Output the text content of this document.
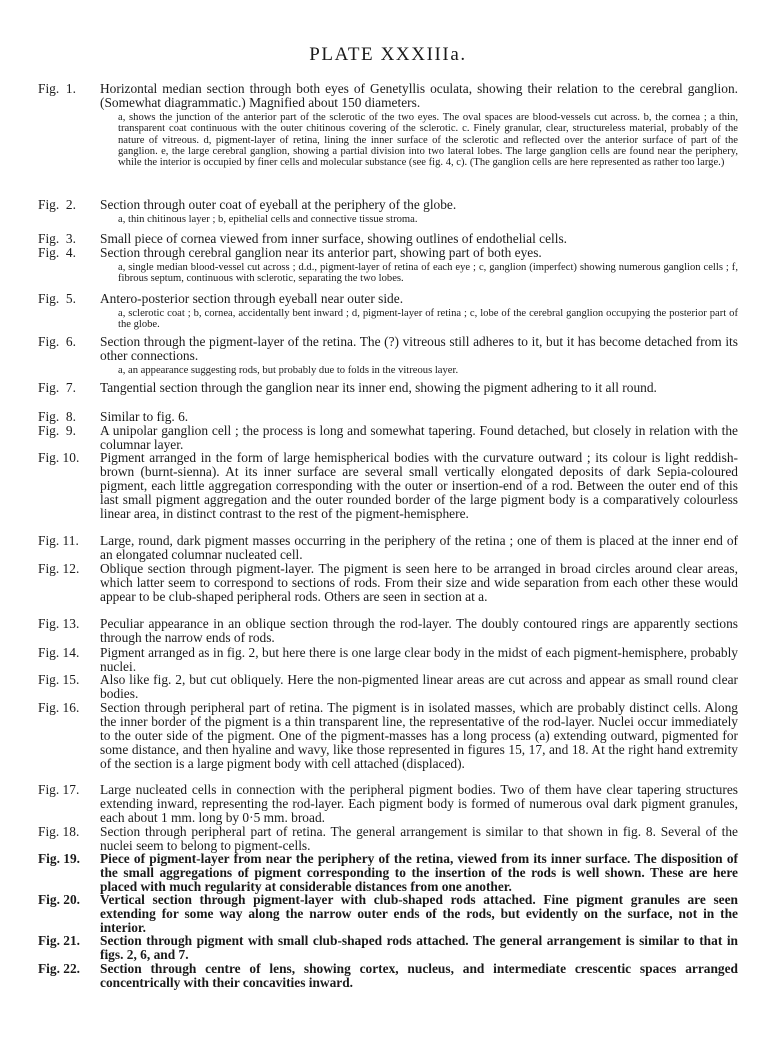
PLATE XXXIIIa.
Fig.  1.	Horizontal median section through both eyes of Genetyllis oculata, showing their relation to the cerebral ganglion. (Somewhat diagrammatic.) Magnified about 150 diameters.
a, shows the junction of the anterior part of the sclerotic of the two eyes. The oval spaces are blood-vessels cut across. b, the cornea ; a thin, transparent coat continuous with the outer chitinous covering of the sclerotic. c. Finely granular, clear, structureless material, probably of the nature of vitreous. d, pigment-layer of retina, lining the inner surface of the sclerotic and reflected over the anterior surface of part of the ganglion. e, the large cerebral ganglion, showing a partial division into two lateral lobes. The large ganglion cells are found near the periphery, while the interior is occupied by finer cells and molecular substance (see fig. 4, c). (The ganglion cells are here represented as rather too large.)
Fig.  2.	Section through outer coat of eyeball at the periphery of the globe.
a, thin chitinous layer ; b, epithelial cells and connective tissue stroma.
Fig.  3.	Small piece of cornea viewed from inner surface, showing outlines of endothelial cells.
Fig.  4.	Section through cerebral ganglion near its anterior part, showing part of both eyes.
a, single median blood-vessel cut across ; d.d., pigment-layer of retina of each eye ; c, ganglion (imperfect) showing numerous ganglion cells ; f, fibrous septum, continuous with sclerotic, separating the two lobes.
Fig.  5.	Antero-posterior section through eyeball near outer side.
a, sclerotic coat ; b, cornea, accidentally bent inward ; d, pigment-layer of retina ; c, lobe of the cerebral ganglion occupying the posterior part of the globe.
Fig.  6.	Section through the pigment-layer of the retina. The (?) vitreous still adheres to it, but it has become detached from its other connections.
a, an appearance suggesting rods, but probably due to folds in the vitreous layer.
Fig.  7.	Tangential section through the ganglion near its inner end, showing the pigment adhering to it all round.
Fig.  8.	Similar to fig. 6.
Fig.  9.	A unipolar ganglion cell ; the process is long and somewhat tapering. Found detached, but closely in relation with the columnar layer.
Fig. 10.	Pigment arranged in the form of large hemispherical bodies with the curvature outward ; its colour is light reddish-brown (burnt-sienna). At its inner surface are several small vertically elongated deposits of dark Sepia-coloured pigment, each little aggregation corresponding with the outer or insertion-end of a rod. Between the outer end of this last small pigment aggregation and the outer rounded border of the large pigment body is a comparatively colourless linear area, in distinct contrast to the rest of the pigment-hemisphere.
Fig. 11.	Large, round, dark pigment masses occurring in the periphery of the retina ; one of them is placed at the inner end of an elongated columnar nucleated cell.
Fig. 12.	Oblique section through pigment-layer. The pigment is seen here to be arranged in broad circles around clear areas, which latter seem to correspond to sections of rods. From their size and wide separation from each other these would appear to be club-shaped peripheral rods. Others are seen in section at a.
Fig. 13.	Peculiar appearance in an oblique section through the rod-layer. The doubly contoured rings are apparently sections through the narrow ends of rods.
Fig. 14.	Pigment arranged as in fig. 2, but here there is one large clear body in the midst of each pigment-hemisphere, probably nuclei.
Fig. 15.	Also like fig. 2, but cut obliquely. Here the non-pigmented linear areas are cut across and appear as small round clear bodies.
Fig. 16.	Section through peripheral part of retina. The pigment is in isolated masses, which are probably distinct cells. Along the inner border of the pigment is a thin transparent line, the representative of the rod-layer. Nuclei occur immediately to the outer side of the pigment. One of the pigment-masses has a long process (a) extending outward, pigmented for some distance, and then hyaline and wavy, like those represented in figures 15, 17, and 18. At the right hand extremity of the section is a large pigment body with cell attached (displaced).
Fig. 17.	Large nucleated cells in connection with the peripheral pigment bodies. Two of them have clear tapering structures extending inward, representing the rod-layer. Each pigment body is formed of numerous oval dark pigment granules, each about 1 mm. long by 0·5 mm. broad.
Fig. 18.	Section through peripheral part of retina. The general arrangement is similar to that shown in fig. 8. Several of the nuclei seem to belong to pigment-cells.
Fig. 19.	Piece of pigment-layer from near the periphery of the retina, viewed from its inner surface. The disposition of the small aggregations of pigment corresponding to the insertion of the rods is well shown. These are here placed with much regularity at considerable distances from one another.
Fig. 20.	Vertical section through pigment-layer with club-shaped rods attached. Fine pigment granules are seen extending for some way along the narrow outer ends of the rods, but evidently on the surface, not in the interior.
Fig. 21.	Section through pigment with small club-shaped rods attached. The general arrangement is similar to that in figs. 2, 6, and 7.
Fig. 22.	Section through centre of lens, showing cortex, nucleus, and intermediate crescentic spaces arranged concentrically with their concavities inward.
